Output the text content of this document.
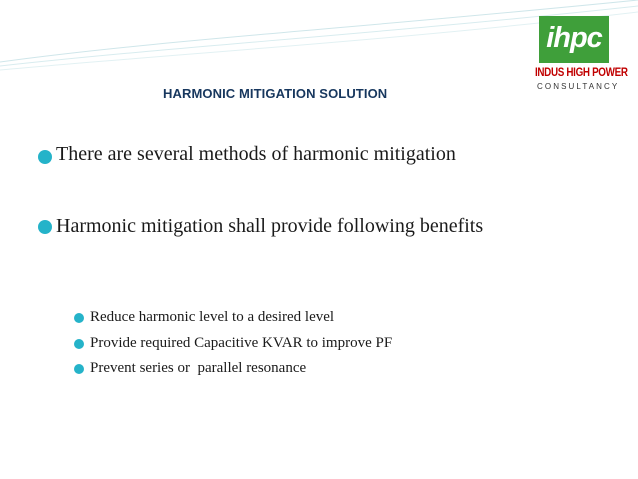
HARMONIC MITIGATION SOLUTION
ihpc
INDUS HIGH POWER
CONSULTANCY
There are several methods of harmonic mitigation
Harmonic mitigation shall provide following benefits
Reduce harmonic level to a desired level
Provide required Capacitive KVAR to improve PF
Prevent series or  parallel resonance
